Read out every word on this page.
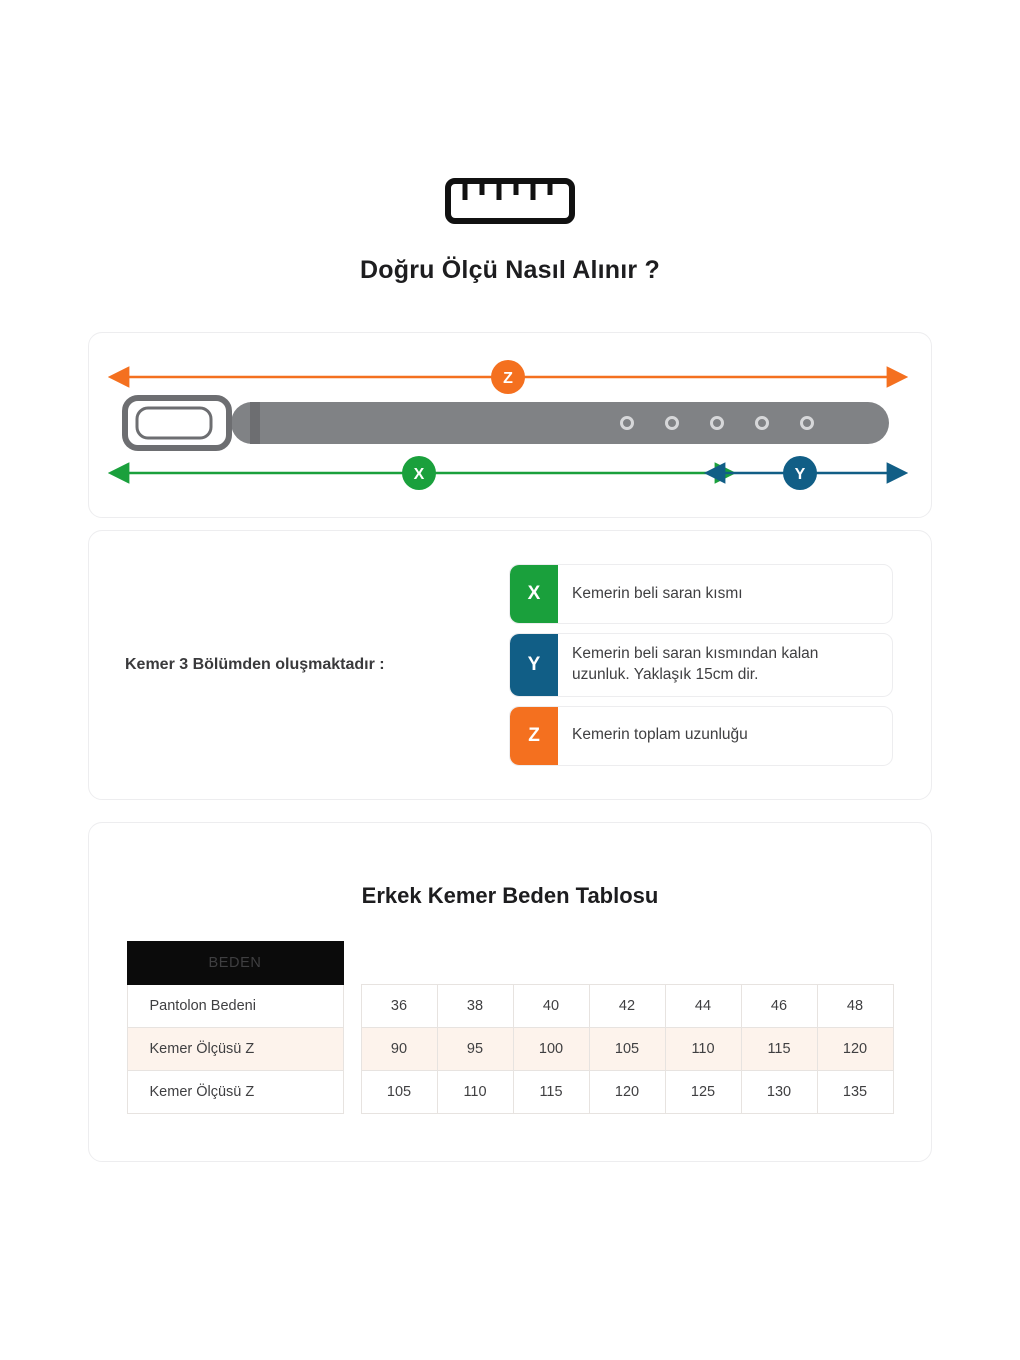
Doğru Ölçü Nasıl Alınır ?
Z
X	Y
Kemer 3 Bölümden oluşmaktadır :
X	Kemerin beli saran kısmı
Y
Kemerin beli saran kısmından kalan uzunluk. Yaklaşık 15cm dir.
Z	Kemerin toplam uzunluğu
Erkek Kemer Beden Tablosu
BEDEN								
Pantolon Bedeni		36	38	40	42	44	46	48
Kemer Ölçüsü Z		90	95	100	105	110	115	120
Kemer Ölçüsü Z		105	110	115	120	125	130	135
